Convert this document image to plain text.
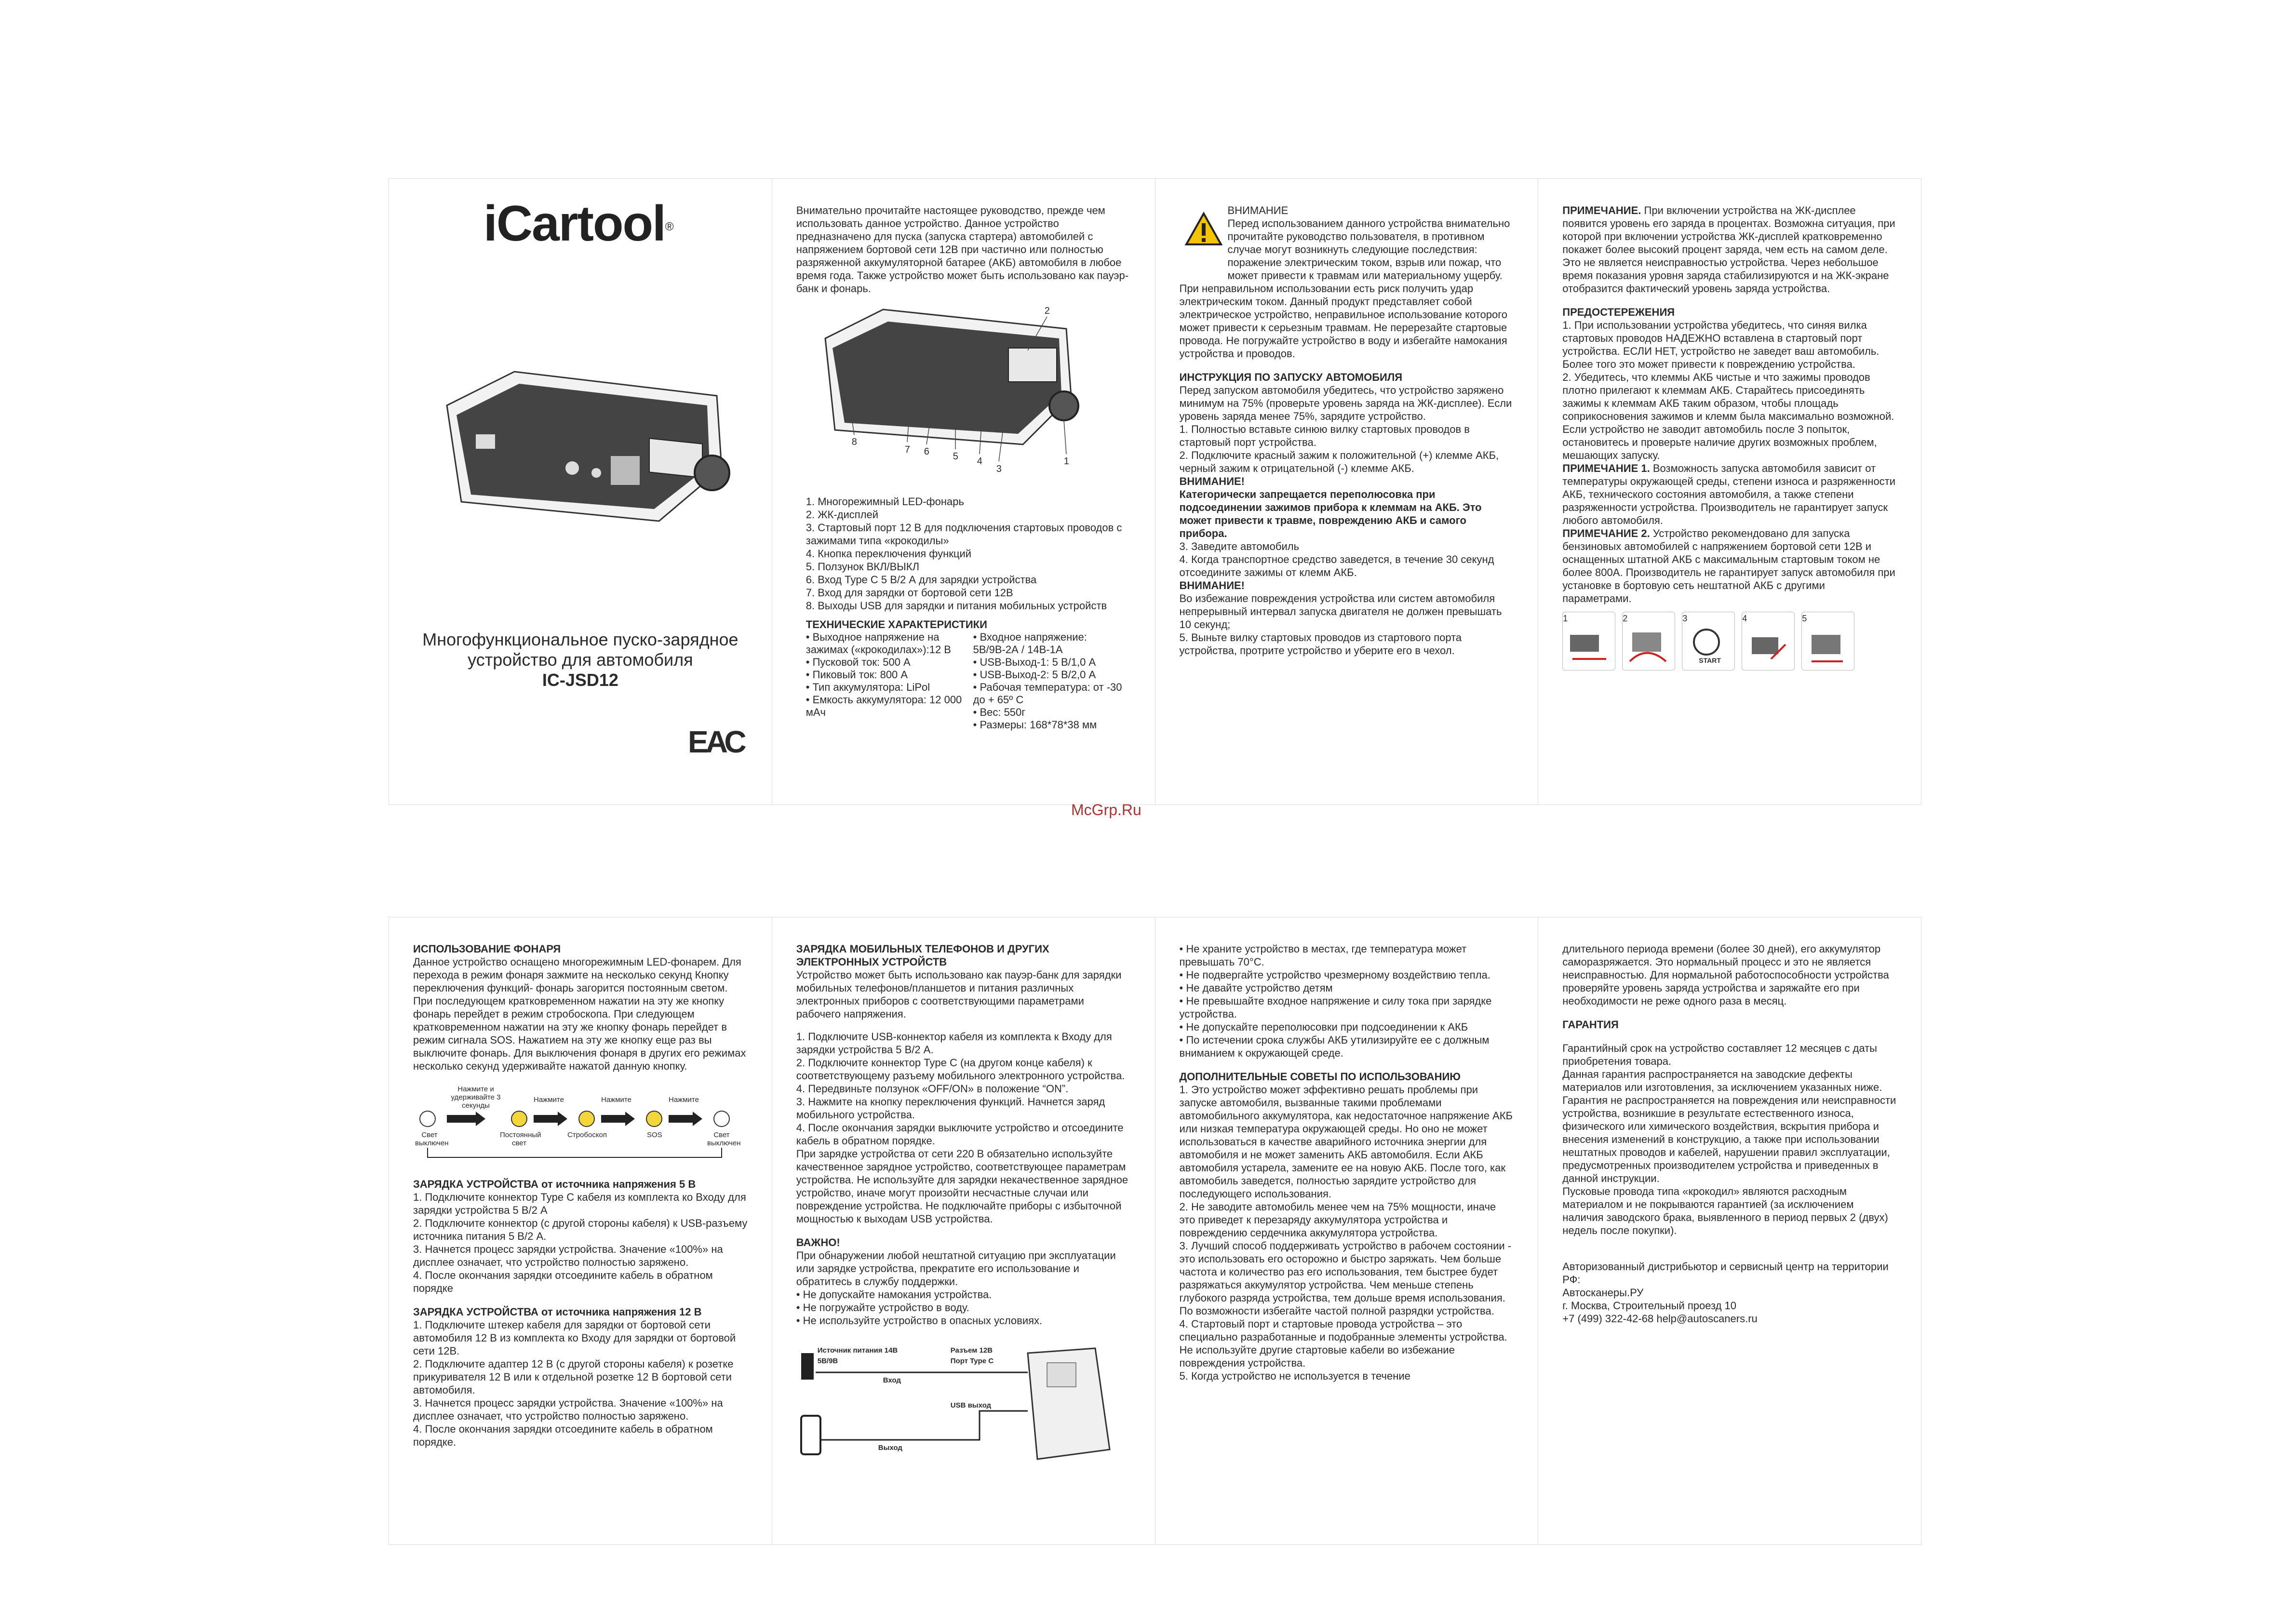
iCartool®

Многофункциональное пуско-зарядное устройство для автомобиля

IC-JSD12

ЕАС

Внимательно прочитайте настоящее руководство, прежде чем использовать данное устройство. Данное устройство предназначено для пуска (запуска стартера) автомобилей с напряжением бортовой сети 12В при частично или полностью разряженной аккумуляторной батарее (АКБ) автомобиля в любое время года. Также устройство может быть использовано как пауэр-банк и фонарь.

2
1
3
4
5
6
7
8

1. Многорежимный LED-фонарь

2. ЖК-дисплей

3. Стартовый порт 12 В для подключения стартовых проводов с зажимами типа «крокодилы»

4. Кнопка переключения функций

5. Ползунок ВКЛ/ВЫКЛ

6. Вход Type C 5 В/2 А для зарядки устройства

7. Вход для зарядки от бортовой сети 12В

8. Выходы USB для зарядки и питания мобильных устройств

ТЕХНИЧЕСКИЕ ХАРАКТЕРИСТИКИ

• Выходное напряжение на зажимах («крокодилах»):12 В

• Пусковой ток: 500 А

• Пиковый ток: 800 А

• Тип аккумулятора: LiPol

• Емкость аккумулятора: 12 000 мАч

• Входное напряжение: 5В/9В-2А / 14В-1А

• USB-Выход-1: 5 В/1,0 А

• USB-Выход-2: 5 В/2,0 А

• Рабочая температура: от -30 до + 65º С

• Вес: 550г

• Размеры: 168*78*38 мм

ВНИМАНИЕ

Перед использованием данного устройства внимательно прочитайте руководство пользователя, в противном случае могут возникнуть следующие последствия: поражение электрическим током, взрыв или пожар, что может привести к травмам или материальному ущербу.

При неправильном использовании есть риск получить удар электрическим током. Данный продукт представляет собой электрическое устройство, неправильное использование которого может привести к серьезным травмам. Не перерезайте стартовые провода. Не погружайте устройство в воду и избегайте намокания устройства и проводов.

ИНСТРУКЦИЯ ПО ЗАПУСКУ АВТОМОБИЛЯ

Перед запуском автомобиля убедитесь, что устройство заряжено минимум на 75% (проверьте уровень заряда на ЖК-дисплее). Если уровень заряда менее 75%, зарядите устройство.

1. Полностью вставьте синюю вилку стартовых проводов в стартовый порт устройства.

2. Подключите красный зажим к положительной (+) клемме АКБ, черный зажим к отрицательной (-) клемме АКБ.

ВНИМАНИЕ!

Категорически запрещается переполюсовка при подсоединении зажимов прибора к клеммам на АКБ. Это может привести к травме, повреждению АКБ и самого прибора.

3. Заведите автомобиль

4. Когда транспортное средство заведется, в течение 30 секунд отсоедините зажимы от клемм АКБ.

ВНИМАНИЕ!

Во избежание повреждения устройства или систем автомобиля непрерывный интервал запуска двигателя не должен превышать 10 секунд;

5. Выньте вилку стартовых проводов из стартового порта устройства, протрите устройство и уберите его в чехол.

ПРИМЕЧАНИЕ. При включении устройства на ЖК-дисплее появится уровень его заряда в процентах. Возможна ситуация, при которой при включении устройства ЖК-дисплей кратковременно покажет более высокий процент заряда, чем есть на самом деле. Это не является неисправностью устройства. Через небольшое время показания уровня заряда стабилизируются и на ЖК-экране отобразится фактический уровень заряда устройства.

ПРЕДОСТЕРЕЖЕНИЯ

1. При использовании устройства убедитесь, что синяя вилка стартовых проводов НАДЕЖНО вставлена в стартовый порт устройства. ЕСЛИ НЕТ, устройство не заведет ваш автомобиль. Более того это может привести к повреждению устройства.

2. Убедитесь, что клеммы АКБ чистые и что зажимы проводов плотно прилегают к клеммам АКБ. Старайтесь присоединять зажимы к клеммам АКБ таким образом, чтобы площадь соприкосновения зажимов и клемм была максимально возможной. Если устройство не заводит автомобиль после 3 попыток, остановитесь и проверьте наличие других возможных проблем, мешающих запуску.

ПРИМЕЧАНИЕ 1. Возможность запуска автомобиля зависит от температуры окружающей среды, степени износа и разряженности АКБ, технического состояния автомобиля, а также степени разряженности устройства. Производитель не гарантирует запуск любого автомобиля.

ПРИМЕЧАНИЕ 2. Устройство рекомендовано для запуска бензиновых автомобилей с напряжением бортовой сети 12В и оснащенных штатной АКБ с максимальным стартовым током не более 800А. Производитель не гарантирует запуск автомобиля при установке в бортовую сеть нештатной АКБ с другими параметрами.

1	2	3
START
4	5
McGrp.Ru

ИСПОЛЬЗОВАНИЕ ФОНАРЯ

Данное устройство оснащено многорежимным LED-фонарем. Для перехода в режим фонаря зажмите на несколько секунд Кнопку переключения функций- фонарь загорится постоянным светом. При последующем кратковременном нажатии на эту же кнопку фонарь перейдет в режим стробоскопа. При следующем кратковременном нажатии на эту же кнопку фонарь перейдет в режим сигнала SOS. Нажатием на эту же кнопку еще раз вы выключите фонарь. Для выключения фонаря в других его режимах несколько секунд удерживайте нажатой данную кнопку.

Нажмите и удерживайте 3 секунды
Нажмите	Нажмите	Нажмите
Свет выключен
Постоянный свет
Стробоскоп	SOS	Свет выключен

ЗАРЯДКА УСТРОЙСТВА от источника напряжения 5 В

1. Подключите коннектор Type C кабеля из комплекта ко Входу для зарядки устройства 5 В/2 А

2. Подключите коннектор (с другой стороны кабеля) к USB-разъему источника питания 5 В/2 А.

3. Начнется процесс зарядки устройства. Значение «100%» на дисплее означает, что устройство полностью заряжено.

4. После окончания зарядки отсоедините кабель в обратном порядке

ЗАРЯДКА УСТРОЙСТВА от источника напряжения 12 В

1. Подключите штекер кабеля для зарядки от бортовой сети автомобиля 12 В из комплекта ко Входу для зарядки от бортовой сети 12В.

2. Подключите адаптер 12 В (с другой стороны кабеля) к розетке прикуривателя 12 В или к отдельной розетке 12 В бортовой сети автомобиля.

3. Начнется процесс зарядки устройства. Значение «100%» на дисплее означает, что устройство полностью заряжено.

4. После окончания зарядки отсоедините кабель в обратном порядке.

ЗАРЯДКА МОБИЛЬНЫХ ТЕЛЕФОНОВ И ДРУГИХ ЭЛЕКТРОННЫХ УСТРОЙСТВ

Устройство может быть использовано как пауэр-банк для зарядки мобильных телефонов/планшетов и питания различных электронных приборов с соответствующими параметрами рабочего напряжения.

1. Подключите USB-коннектор кабеля из комплекта к Входу для зарядки устройства 5 В/2 А.

2. Подключите коннектор Type C (на другом конце кабеля) к соответствующему разъему мобильного электронного устройства.

4. Передвиньте ползунок «OFF/ON» в положение “ON”.

3. Нажмите на кнопку переключения функций. Начнется заряд мобильного устройства.

4. После окончания зарядки выключите устройство и отсоедините кабель в обратном порядке.

При зарядке устройства от сети 220 В обязательно используйте качественное зарядное устройство, соответствующее параметрам устройства. Не используйте для зарядки некачественное зарядное устройство, иначе могут произойти несчастные случаи или повреждение устройства. Не подключайте приборы с избыточной мощностью к выходам USB устройства.

ВАЖНО!

При обнаружении любой нештатной ситуацию при эксплуатации или зарядке устройства, прекратите его использование и обратитесь в службу поддержки.

• Не допускайте намокания устройства.

• Не погружайте устройство в воду.

• Не используйте устройство в опасных условиях.

Источник питания 14В
5В/9В
Разъем 12В
Порт Type C
Вход
USB выход
Выход

• Не храните устройство в местах, где температура может превышать 70°С.

• Не подвергайте устройство чрезмерному воздействию тепла.

• Не давайте устройство детям

• Не превышайте входное напряжение и силу тока при зарядке устройства.

• Не допускайте переполюсовки при подсоединении к АКБ

• По истечении срока службы АКБ утилизируйте ее с должным вниманием к окружающей среде.

ДОПОЛНИТЕЛЬНЫЕ СОВЕТЫ ПО ИСПОЛЬЗОВАНИЮ

1. Это устройство может эффективно решать проблемы при запуске автомобиля, вызванные такими проблемами автомобильного аккумулятора, как недостаточное напряжение АКБ или низкая температура окружающей среды. Но оно не может использоваться в качестве аварийного источника энергии для автомобиля и не может заменить АКБ автомобиля. Если АКБ автомобиля устарела, замените ее на новую АКБ. После того, как автомобиль заведется, полностью зарядите устройство для последующего использования.

2. Не заводите автомобиль менее чем на 75% мощности, иначе это приведет к перезаряду аккумулятора устройства и повреждению сердечника аккумулятора устройства.

3. Лучший способ поддерживать устройство в рабочем состоянии - это использовать его осторожно и быстро заряжать. Чем больше частота и количество раз его использования, тем быстрее будет разряжаться аккумулятор устройства. Чем меньше степень глубокого разряда устройства, тем дольше время использования. По возможности избегайте частой полной разрядки устройства.

4. Стартовый порт и стартовые провода устройства – это специально разработанные и подобранные элементы устройства. Не используйте другие стартовые кабели во избежание повреждения устройства.

5. Когда устройство не используется в течение

длительного периода времени (более 30 дней), его аккумулятор саморазряжается. Это нормальный процесс и это не является неисправностью. Для нормальной работоспособности устройства проверяйте уровень заряда устройства и заряжайте его при необходимости не реже одного раза в месяц.

ГАРАНТИЯ

Гарантийный срок на устройство составляет 12 месяцев с даты приобретения товара.

Данная гарантия распространяется на заводские дефекты материалов или изготовления, за исключением указанных ниже.

Гарантия не распространяется на повреждения или неисправности устройства, возникшие в результате естественного износа, физического или химического воздействия, вскрытия прибора и внесения изменений в конструкцию, а также при использовании нештатных проводов и кабелей, нарушении правил эксплуатации, предусмотренных производителем устройства и приведенных в данной инструкции.

Пусковые провода типа «крокодил» являются расходным материалом и не покрываются гарантией (за исключением наличия заводского брака, выявленного в период первых 2 (двух) недель после покупки).

Авторизованный дистрибьютор и сервисный центр на территории РФ:

Автосканеры.РУ

г. Москва, Строительный проезд 10

+7 (499) 322-42-68 help@autoscaners.ru
